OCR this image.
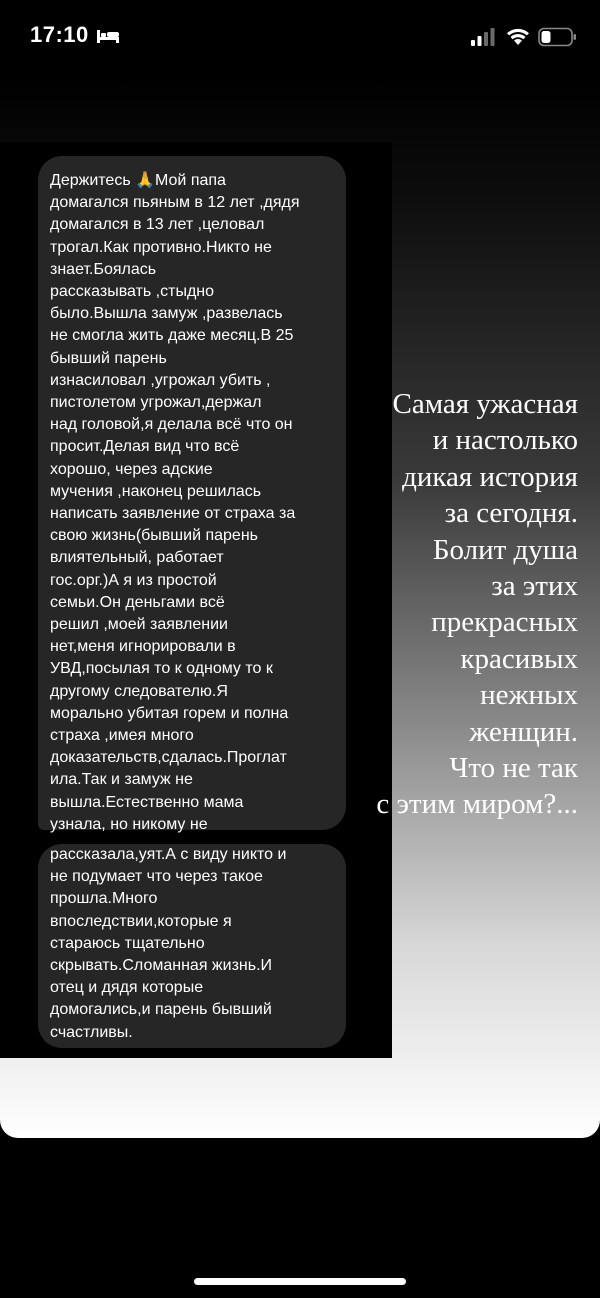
17:10

Держитесь 🙏Мой папа
домагался пьяным в 12 лет ,дядя
домагался в 13 лет ,целовал
трогал.Как противно.Никто не
знает.Боялась
рассказывать ,стыдно
было.Вышла замуж ,развелась
не смогла жить даже месяц.В 25
бывший парень
изнасиловал ,угрожал убить ,
пистолетом угрожал,держал
над головой,я делала всё что он
просит.Делая вид что всё
хорошо, через адские
мучения ,наконец решилась
написать заявление от страха за
свою жизнь(бывший парень
влиятельный, работает
гос.орг.)А я из простой
семьи.Он деньгами всё
решил ,моей заявлении
нет,меня игнорировали в
УВД,посылая то к одному то к
другому следователю.Я
морально убитая горем и полна
страха ,имея много
доказательств,сдалась.Проглат
ила.Так и замуж не
вышла.Естественно мама
узнала, но никому не

рассказала,уят.А с виду никто и
не подумает что через такое
прошла.Много
впоследствии,которые я
стараюсь тщательно
скрывать.Сломанная жизнь.И
отец и дядя которые
домогались,и парень бывший
счастливы.

Самая ужасная
и настолько
дикая история
за сегодня.
Болит душа
за этих
прекрасных
красивых
нежных
женщин.
Что не так
с этим миром?...
